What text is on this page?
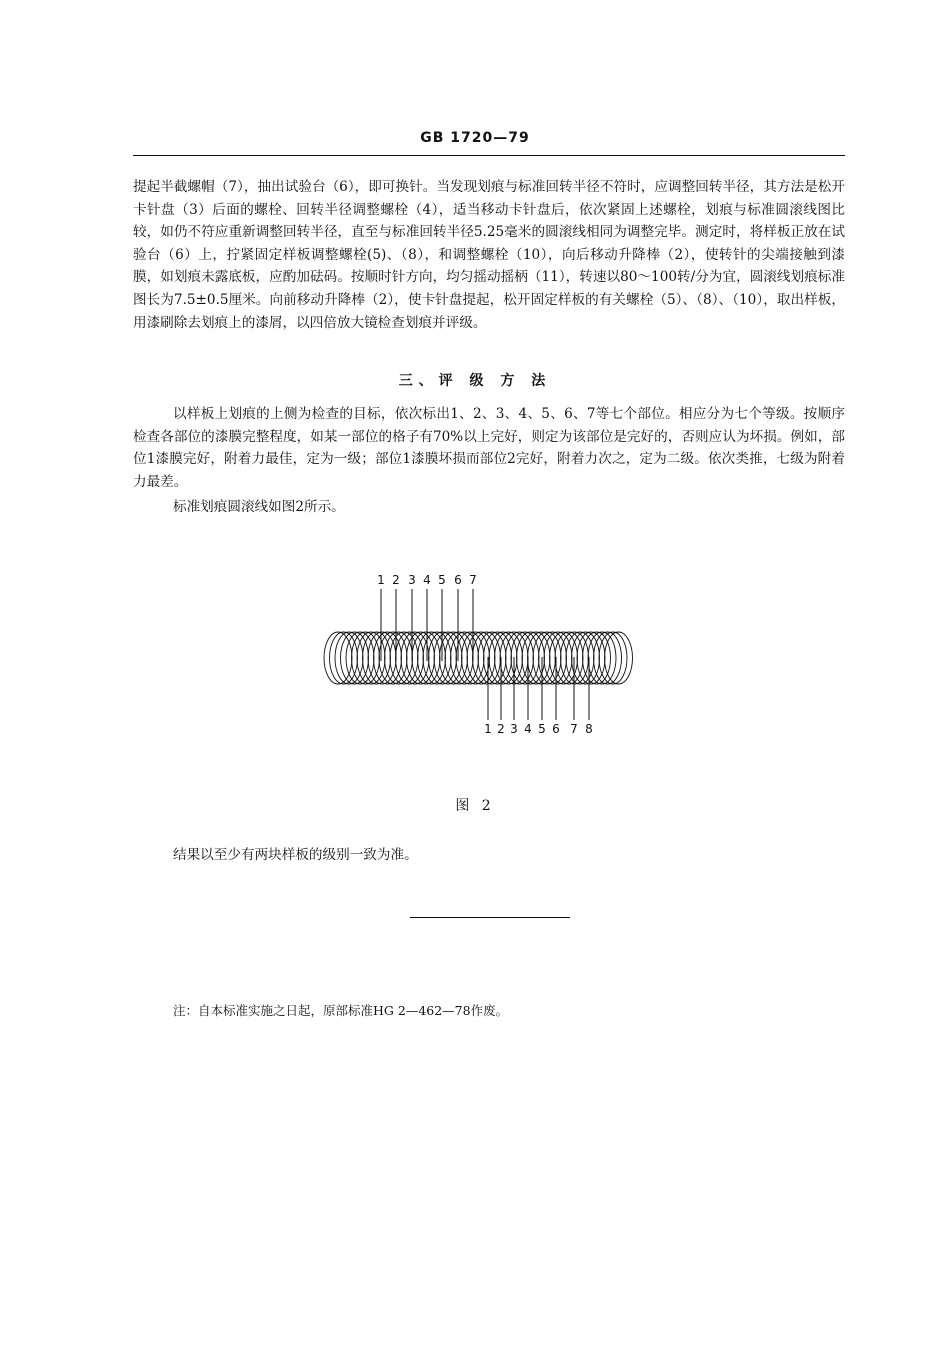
GB 1720—79

提起半截螺帽（7），抽出试验台（6），即可换针。当发现划痕与标准回转半径不符时，应调整回转半径，其方法是松开卡针盘（3）后面的螺栓、回转半径调整螺栓（4），适当移动卡针盘后，依次紧固上述螺栓，划痕与标准圆滚线图比较，如仍不符应重新调整回转半径，直至与标准回转半径5.25毫米的圆滚线相同为调整完毕。测定时，将样板正放在试验台（6）上，拧紧固定样板调整螺栓(5)、（8），和调整螺栓（10），向后移动升降棒（2），使转针的尖端接触到漆膜，如划痕未露底板，应酌加砝码。按顺时针方向，均匀摇动摇柄（11），转速以80～100转/分为宜，圆滚线划痕标准图长为7.5±0.5厘米。向前移动升降棒（2），使卡针盘提起，松开固定样板的有关螺栓（5）、（8）、（10），取出样板，用漆刷除去划痕上的漆屑，以四倍放大镜检查划痕并评级。

三、评 级 方 法

以样板上划痕的上侧为检查的目标，依次标出1、2、3、4、5、6、7等七个部位。相应分为七个等级。按顺序检查各部位的漆膜完整程度，如某一部位的格子有70%以上完好，则定为该部位是完好的，否则应认为坏损。例如，部位1漆膜完好，附着力最佳，定为一级；部位1漆膜坏损而部位2完好，附着力次之，定为二级。依次类推，七级为附着力最差。

标准划痕圆滚线如图2所示。

1 2 3 4 5 6 7
1 2 3 4 5 6 7 8
图 2
结果以至少有两块样板的级别一致为准。
注：自本标准实施之日起，原部标准HG 2—462—78作废。
